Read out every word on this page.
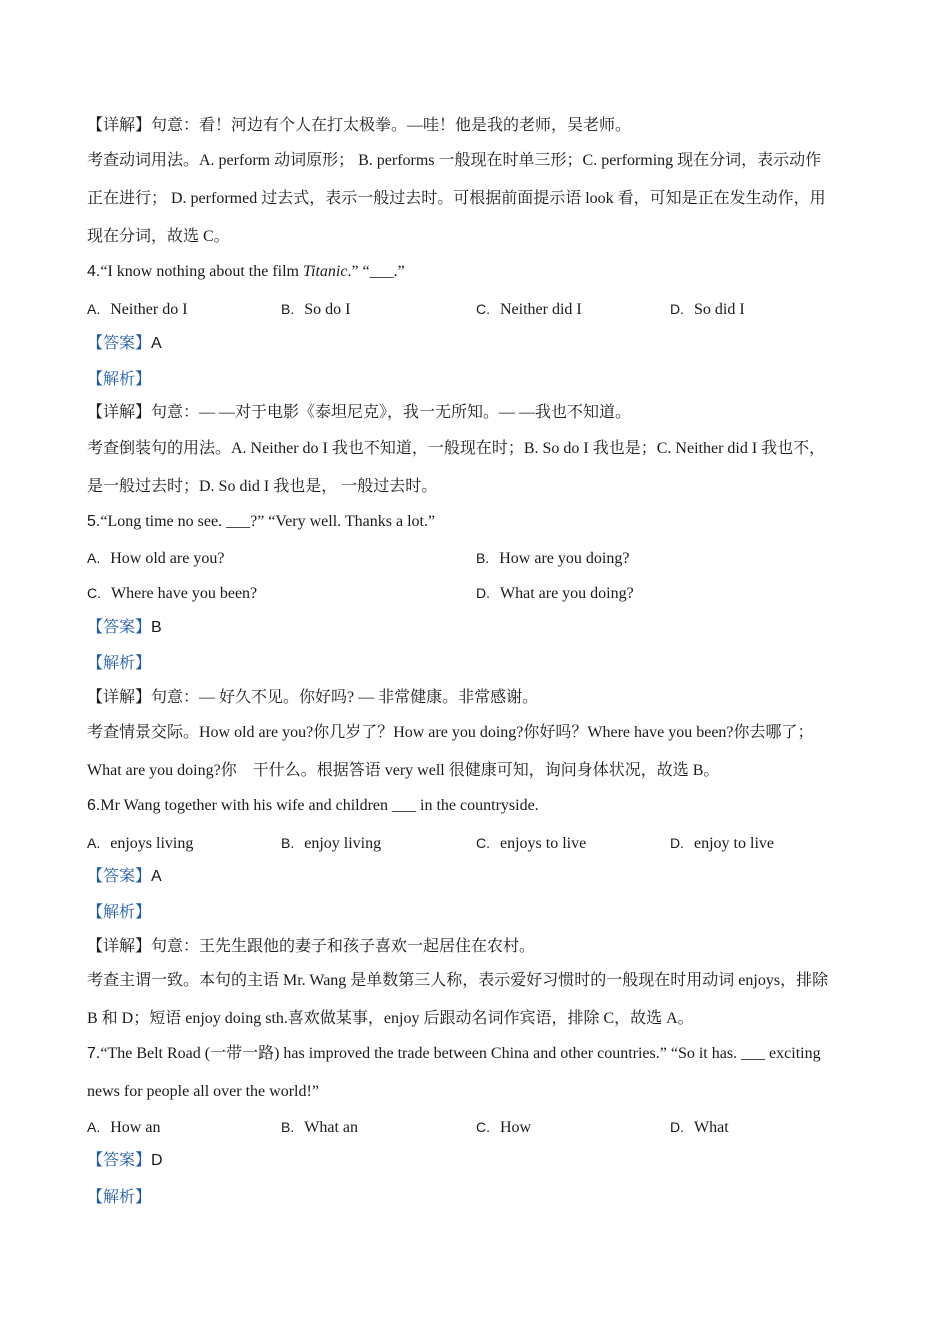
【详解】句意：看！河边有个人在打太极拳。—哇！他是我的老师，吴老师。
考查动词用法。A. perform 动词原形； B. performs 一般现在时单三形；C. performing 现在分词，表示动作
正在进行； D. performed 过去式，表示一般过去时。可根据前面提示语 look 看，可知是正在发生动作，用
现在分词，故选 C。
4.“I know nothing about the film Titanic.” “___.”
A. Neither do I	B. So do I	C. Neither did I	D. So did I
【答案】A
【解析】
【详解】句意：— —对于电影《泰坦尼克》，我一无所知。— —我也不知道。
考查倒装句的用法。A. Neither do I 我也不知道，一般现在时；B. So do I 我也是；C. Neither did I 我也不，
是一般过去时；D. So did I 我也是， 一般过去时。
5.“Long time no see. ___?” “Very well. Thanks a lot.”
A. How old are you?	B. How are you doing?
C. Where have you been?	D. What are you doing?
【答案】B
【解析】
【详解】句意：— 好久不见。你好吗? — 非常健康。非常感谢。
考查情景交际。How old are you?你几岁了？How are you doing?你好吗？Where have you been?你去哪了；
What are you doing?你　干什么。根据答语 very well 很健康可知，询问身体状况，故选 B。
6.Mr Wang together with his wife and children ___ in the countryside.
A. enjoys living	B. enjoy living	C. enjoys to live	D. enjoy to live
【答案】A
【解析】
【详解】句意：王先生跟他的妻子和孩子喜欢一起居住在农村。
考查主谓一致。本句的主语 Mr. Wang 是单数第三人称，表示爱好习惯时的一般现在时用动词 enjoys，排除
B 和 D；短语 enjoy doing sth.喜欢做某事，enjoy 后跟动名词作宾语，排除 C，故选 A。
7.“The Belt Road (一带一路) has improved the trade between China and other countries.” “So it has. ___ exciting
news for people all over the world!”
A. How an	B. What an	C. How	D. What
【答案】D
【解析】
